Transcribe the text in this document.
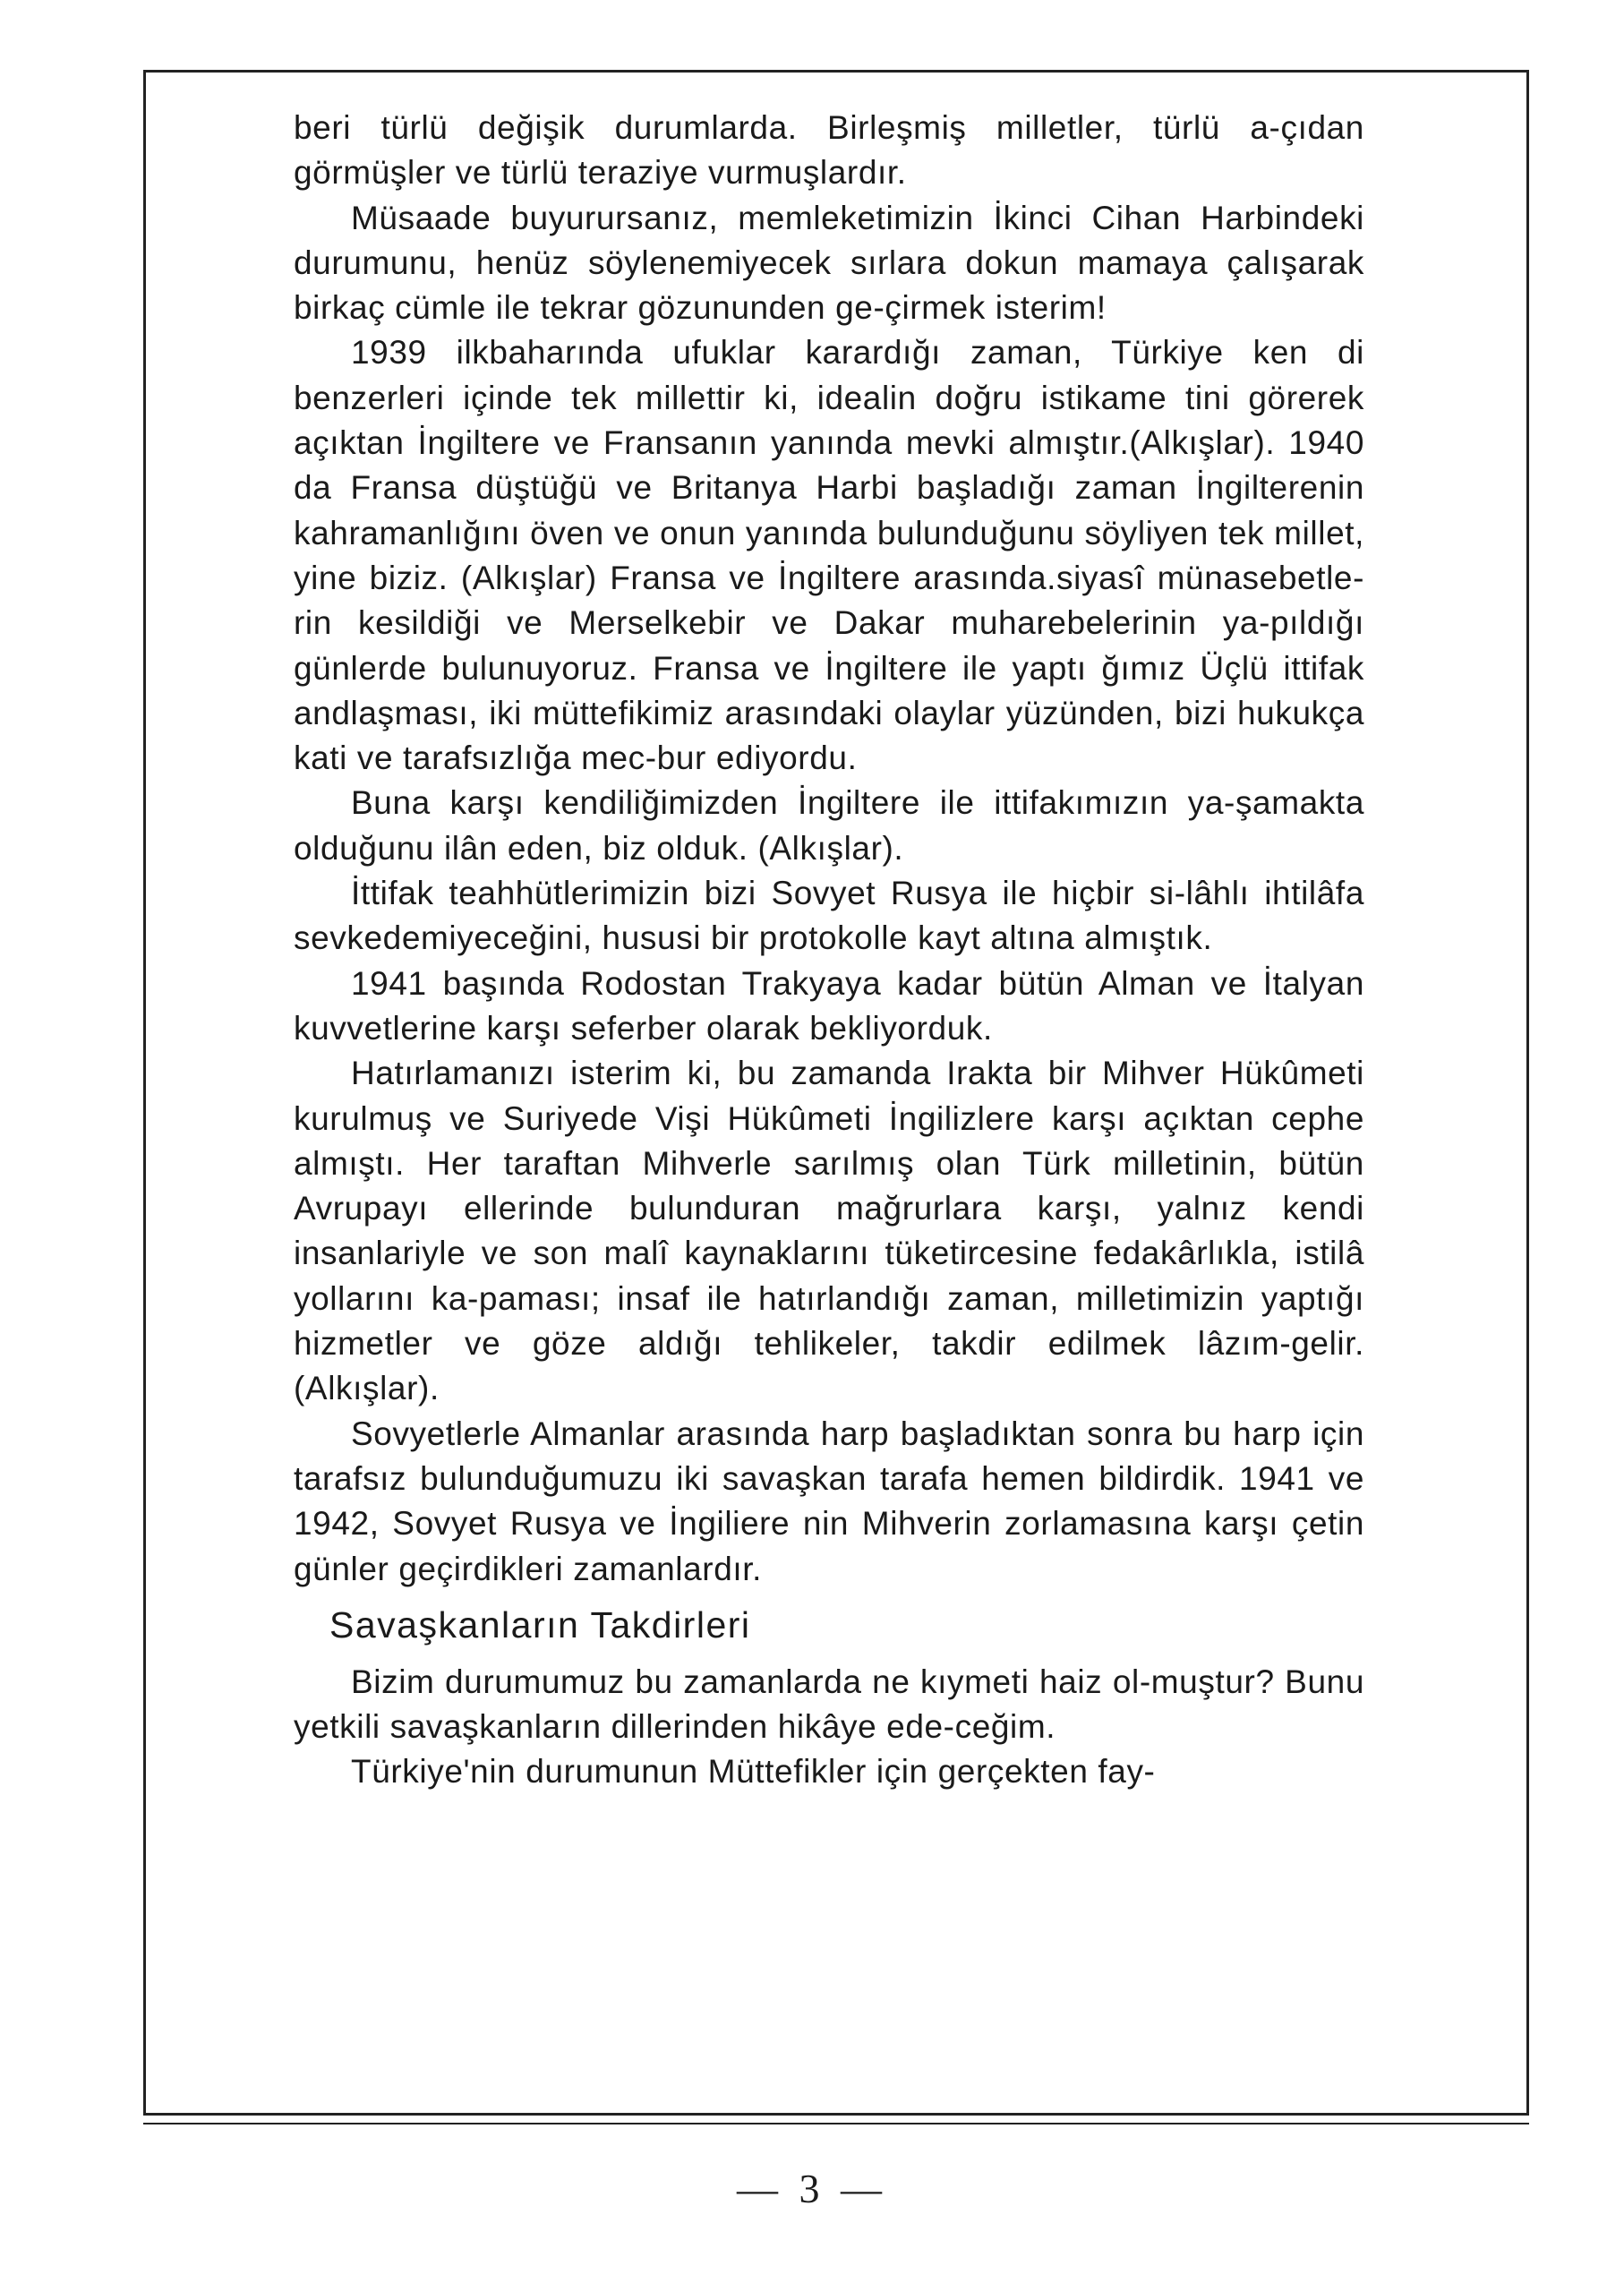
beri türlü değişik durumlarda. Birleşmiş milletler, türlü a-çıdan görmüşler ve türlü teraziye vurmuşlardır.

Müsaade buyurursanız, memleketimizin İkinci Cihan Harbindeki durumunu, henüz söylenemiyecek sırlara dokun mamaya çalışarak birkaç cümle ile tekrar gözununden ge-çirmek isterim!

1939 ilkbaharında ufuklar karardığı zaman, Türkiye ken di benzerleri içinde tek millettir ki, idealin doğru istikame tini görerek açıktan İngiltere ve Fransanın yanında mevki almıştır.(Alkışlar). 1940 da Fransa düştüğü ve Britanya Harbi başladığı zaman İngilterenin kahramanlığını öven ve onun yanında bulunduğunu söyliyen tek millet, yine biziz. (Alkışlar) Fransa ve İngiltere arasında.siyasî münasebetle-rin kesildiği ve Merselkebir ve Dakar muharebelerinin ya-pıldığı günlerde bulunuyoruz. Fransa ve İngiltere ile yaptı ğımız Üçlü ittifak andlaşması, iki müttefikimiz arasındaki olaylar yüzünden, bizi hukukça kati ve tarafsızlığa mec-bur ediyordu.

Buna karşı kendiliğimizden İngiltere ile ittifakımızın ya-şamakta olduğunu ilân eden, biz olduk. (Alkışlar).

İttifak teahhütlerimizin bizi Sovyet Rusya ile hiçbir si-lâhlı ihtilâfa sevkedemiyeceğini, hususi bir protokolle kayt altına almıştık.

1941 başında Rodostan Trakyaya kadar bütün Alman ve İtalyan kuvvetlerine karşı seferber olarak bekliyorduk.

Hatırlamanızı isterim ki, bu zamanda Irakta bir Mihver Hükûmeti kurulmuş ve Suriyede Vişi Hükûmeti İngilizlere karşı açıktan cephe almıştı. Her taraftan Mihverle sarılmış olan Türk milletinin, bütün Avrupayı ellerinde bulunduran mağrurlara karşı, yalnız kendi insanlariyle ve son malî kaynaklarını tüketircesine fedakârlıkla, istilâ yollarını ka-paması; insaf ile hatırlandığı zaman, milletimizin yaptığı hizmetler ve göze aldığı tehlikeler, takdir edilmek lâzım-gelir. (Alkışlar).

Sovyetlerle Almanlar arasında harp başladıktan sonra bu harp için tarafsız bulunduğumuzu iki savaşkan tarafa hemen bildirdik. 1941 ve 1942, Sovyet Rusya ve İngiliere nin Mihverin zorlamasına karşı çetin günler geçirdikleri zamanlardır.

Savaşkanların Takdirleri

Bizim durumumuz bu zamanlarda ne kıymeti haiz ol-muştur? Bunu yetkili savaşkanların dillerinden hikâye ede-ceğim.

Türkiye'nin durumunun Müttefikler için gerçekten fay-

— 3 —
